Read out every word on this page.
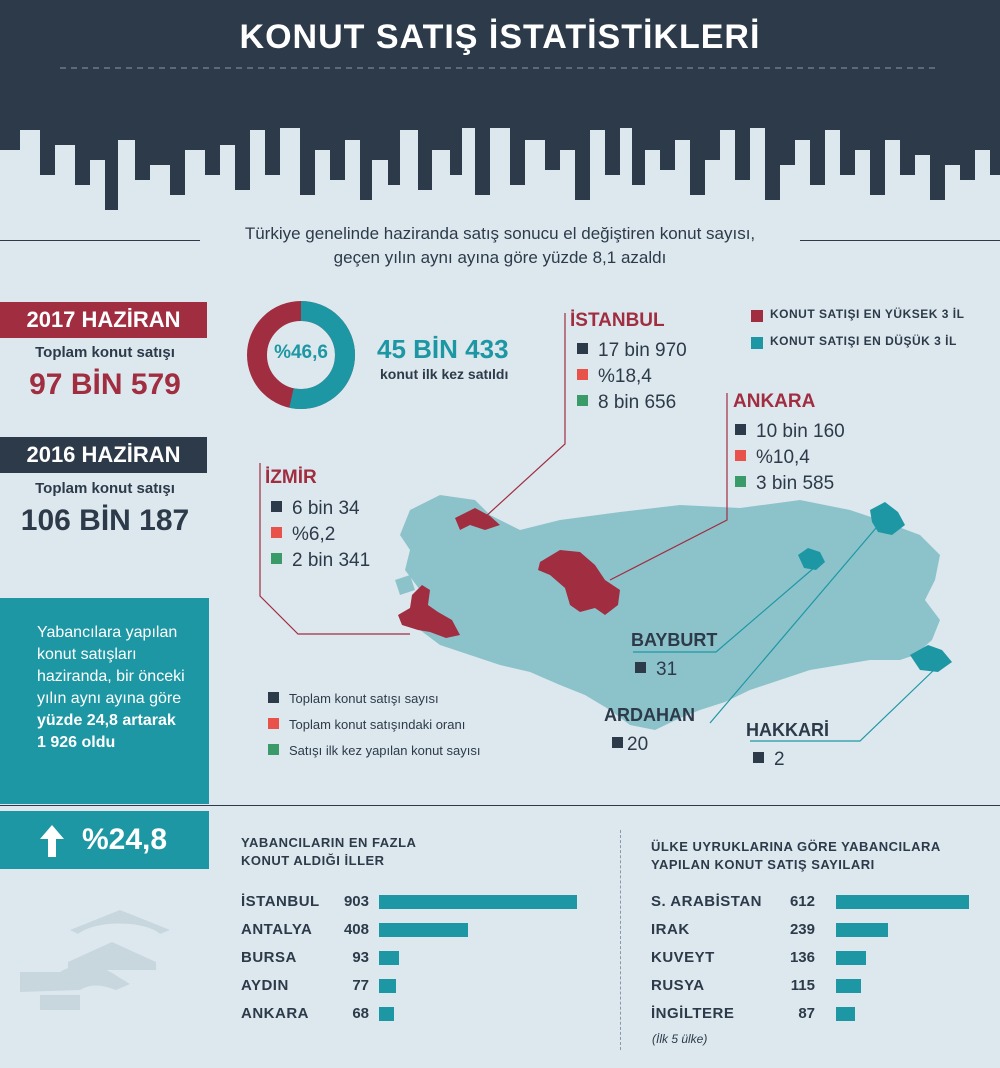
KONUT SATIŞ İSTATİSTİKLERİ
Türkiye genelinde haziranda satış sonucu el değiştiren konut sayısı,
geçen yılın aynı ayına göre yüzde 8,1 azaldı
2017 HAZİRAN
Toplam konut satışı
97 BİN 579
2016 HAZİRAN
Toplam konut satışı
106 BİN 187
Yabancılara yapılan
konut satışları
haziranda, bir önceki
yılın aynı ayına göre
yüzde 24,8 artarak
1 926 oldu
%24,8
%46,6	45 BİN 433
konut ilk kez satıldı
KONUT SATIŞI EN YÜKSEK 3 İL
KONUT SATIŞI EN DÜŞÜK 3 İL
İSTANBUL
17 bin 970
%18,4
8 bin 656	ANKARA
10 bin 160
%10,4
3 bin 585
İZMİR
6 bin 34
%6,2
2 bin 341
BAYBURT
31
ARDAHAN
20
HAKKARİ
2
Toplam konut satışı sayısı
Toplam konut satışındaki oranı
Satışı ilk kez yapılan konut sayısı
YABANCILARIN EN FAZLA
KONUT ALDIĞI İLLER
İSTANBUL	903
ANTALYA	408
BURSA	93
AYDIN	77
ANKARA	68
ÜLKE UYRUKLARINA GÖRE YABANCILARA
YAPILAN KONUT SATIŞ SAYILARI
S. ARABİSTAN	612
IRAK	239
KUVEYT	136
RUSYA	115
İNGİLTERE	87
(İlk 5 ülke)
